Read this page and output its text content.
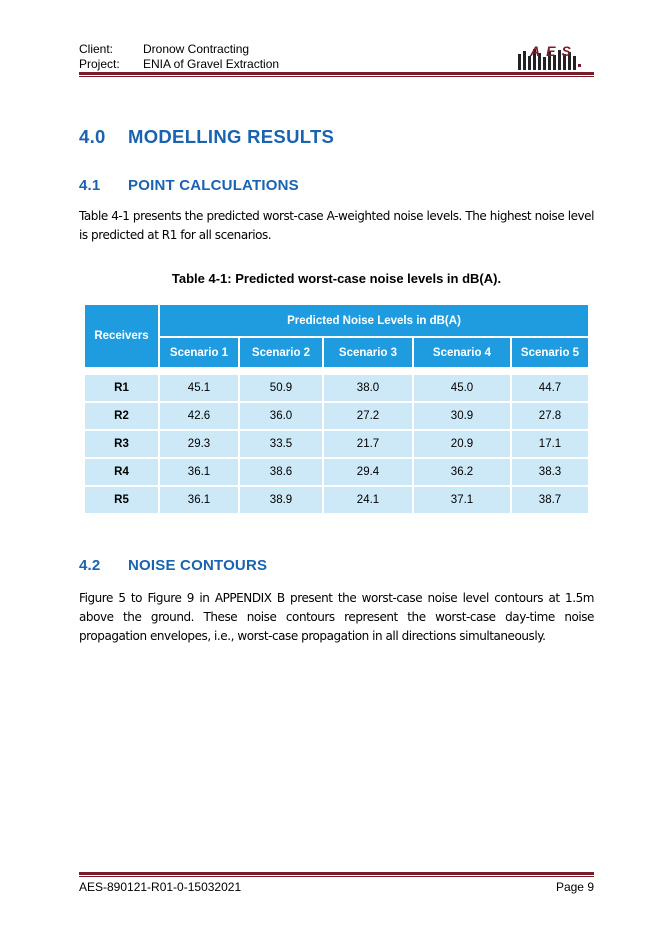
Client: Dronow Contracting
Project: ENIA of Gravel Extraction
AES
4.0 MODELLING RESULTS
4.1 POINT CALCULATIONS

Table 4-1 presents the predicted worst-case A-weighted noise levels. The highest noise level is predicted at R1 for all scenarios.

Table 4-1: Predicted worst-case noise levels in dB(A).
Receivers	Predicted Noise Levels in dB(A)				
	Scenario 1	Scenario 2	Scenario 3	Scenario 4	Scenario 5

R1	45.1	50.9	38.0	45.0	44.7
R2	42.6	36.0	27.2	30.9	27.8
R3	29.3	33.5	21.7	20.9	17.1
R4	36.1	38.6	29.4	36.2	38.3
R5	36.1	38.9	24.1	37.1	38.7
4.2 NOISE CONTOURS

Figure 5 to Figure 9 in APPENDIX B present the worst-case noise level contours at 1.5m above the ground. These noise contours represent the worst-case day-time noise propagation envelopes, i.e., worst-case propagation in all directions simultaneously.

AES-890121-R01-0-15032021	Page 9
